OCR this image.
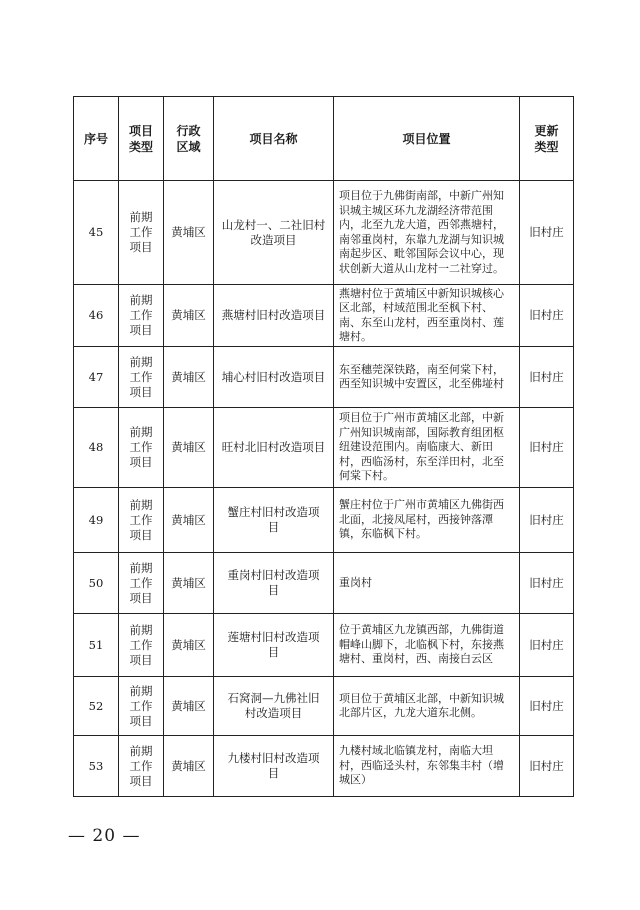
序号	项目类型	行政区域	项目名称	项目位置	更新类型
45	前期工作项目	黄埔区	山龙村一、二社旧村改造项目	项目位于九佛街南部，中新广州知识城主城区环九龙湖经济带范围内，北至九龙大道，西邻燕塘村，南邻重岗村，东靠九龙湖与知识城南起步区、毗邻国际会议中心，现状创新大道从山龙村一二社穿过。	旧村庄
46	前期工作项目	黄埔区	燕塘村旧村改造项目	燕塘村位于黄埔区中新知识城核心区北部，村域范围北至枫下村、南、东至山龙村，西至重岗村、莲塘村。	旧村庄
47	前期工作项目	黄埔区	埔心村旧村改造项目	东至穗莞深铁路，南至何棠下村，西至知识城中安置区，北至佛𡌶村	旧村庄
48	前期工作项目	黄埔区	旺村北旧村改造项目	项目位于广州市黄埔区北部，中新广州知识城南部，国际教育组团枢纽建设范围内。南临康大、新田村，西临汤村，东至洋田村，北至何棠下村。	旧村庄
49	前期工作项目	黄埔区	蟹庄村旧村改造项目	蟹庄村位于广州市黄埔区九佛街西北面，北接凤尾村，西接钟落潭镇，东临枫下村。	旧村庄
50	前期工作项目	黄埔区	重岗村旧村改造项目	重岗村	旧村庄
51	前期工作项目	黄埔区	莲塘村旧村改造项目	位于黄埔区九龙镇西部，九佛街道帽峰山脚下，北临枫下村，东接燕塘村、重岗村，西、南接白云区	旧村庄
52	前期工作项目	黄埔区	石窝洞—九佛社旧村改造项目	项目位于黄埔区北部，中新知识城北部片区，九龙大道东北侧。	旧村庄
53	前期工作项目	黄埔区	九楼村旧村改造项目	九楼村域北临镇龙村，南临大坦村，西临迳头村，东邻集丰村（增城区）	旧村庄
— 20 —
